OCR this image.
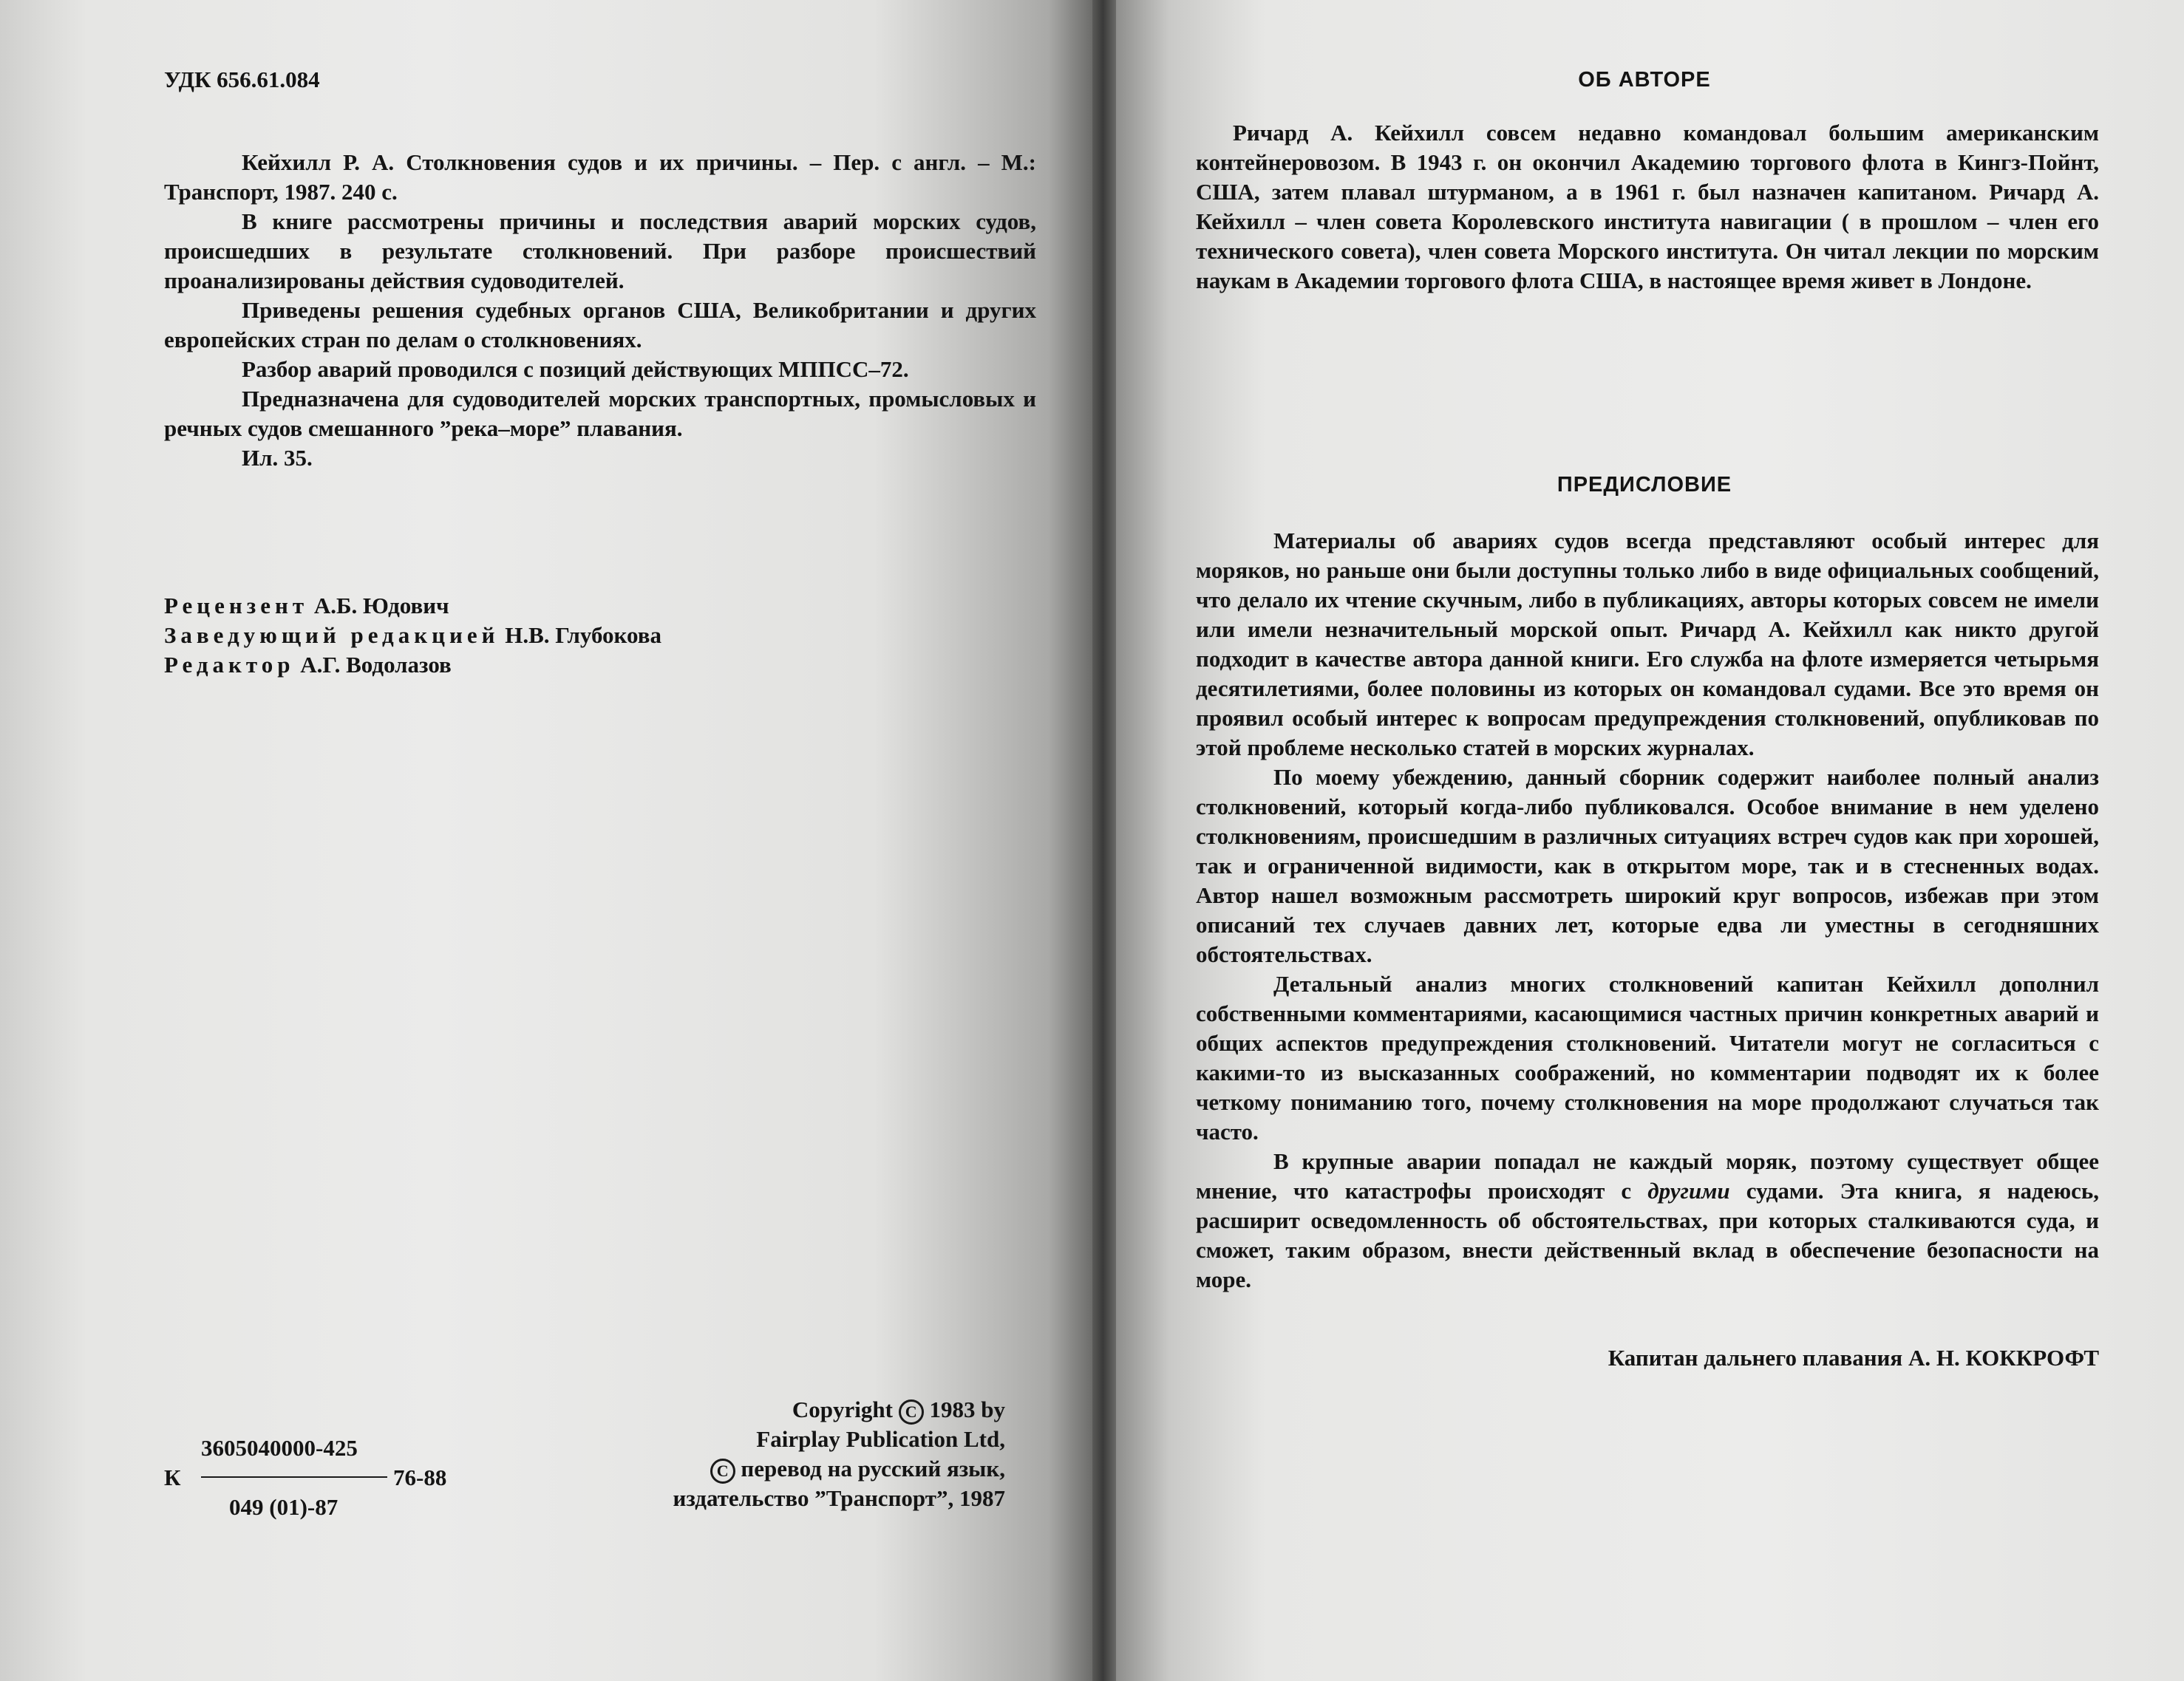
УДК 656.61.084

Кейхилл Р. А. Столкновения судов и их причины. – Пер. с англ. – М.: Транспорт, 1987. 240 с.

В книге рассмотрены причины и последствия аварий морских судов, происшедших в результате столкновений. При разборе происшествий проанализированы действия судоводителей.

Приведены решения судебных органов США, Великобритании и других европейских стран по делам о столкновениях.

Разбор аварий проводился с позиций действующих МППСС–72.

Предназначена для судоводителей морских транспортных, промысловых и речных судов смешанного ”река–море” плавания.

Ил. 35.

Рецензент А.Б. Юдович
Заведующий редакцией Н.В. Глубокова
Редактор А.Г. Водолазов
3605040000-425
К	76-88
049 (01)-87
Copyright C 1983 by
Fairplay Publication Ltd,
C перевод на русский язык,
издательство ”Транспорт”, 1987
ОБ АВТОРЕ

Ричард А. Кейхилл совсем недавно командовал большим американским контейнеровозом. В 1943 г. он окончил Академию торгового флота в Кингз-Пойнт, США, затем плавал штурманом, а в 1961 г. был назначен капитаном. Ричард А. Кейхилл – член совета Королевского института навигации ( в прошлом – член его технического совета), член совета Морского института. Он читал лекции по морским наукам в Академии торгового флота США, в настоящее время живет в Лондоне.

ПРЕДИСЛОВИЕ

Материалы об авариях судов всегда представляют особый интерес для моряков, но раньше они были доступны только либо в виде официальных сообщений, что делало их чтение скучным, либо в публикациях, авторы которых совсем не имели или имели незначительный морской опыт. Ричард А. Кейхилл как никто другой подходит в качестве автора данной книги. Его служба на флоте измеряется четырьмя десятилетиями, более половины из которых он командовал судами. Все это время он проявил особый интерес к вопросам предупреждения столкновений, опубликовав по этой проблеме несколько статей в морских журналах.

По моему убеждению, данный сборник содержит наиболее полный анализ столкновений, который когда-либо публиковался. Особое внимание в нем уделено столкновениям, происшедшим в различных ситуациях встреч судов как при хорошей, так и ограниченной видимости, как в открытом море, так и в стесненных водах. Автор нашел возможным рассмотреть широкий круг вопросов, избежав при этом описаний тех случаев давних лет, которые едва ли уместны в сегодняшних обстоятельствах.

Детальный анализ многих столкновений капитан Кейхилл дополнил собственными комментариями, касающимися частных причин конкретных аварий и общих аспектов предупреждения столкновений. Читатели могут не согласиться с какими-то из высказанных соображений, но комментарии подводят их к более четкому пониманию того, почему столкновения на море продолжают случаться так часто.

В крупные аварии попадал не каждый моряк, поэтому существует общее мнение, что катастрофы происходят с другими судами. Эта книга, я надеюсь, расширит осведомленность об обстоятельствах, при которых сталкиваются суда, и сможет, таким образом, внести действенный вклад в обеспечение безопасности на море.

Капитан дальнего плавания А. Н. КОККРОФТ
